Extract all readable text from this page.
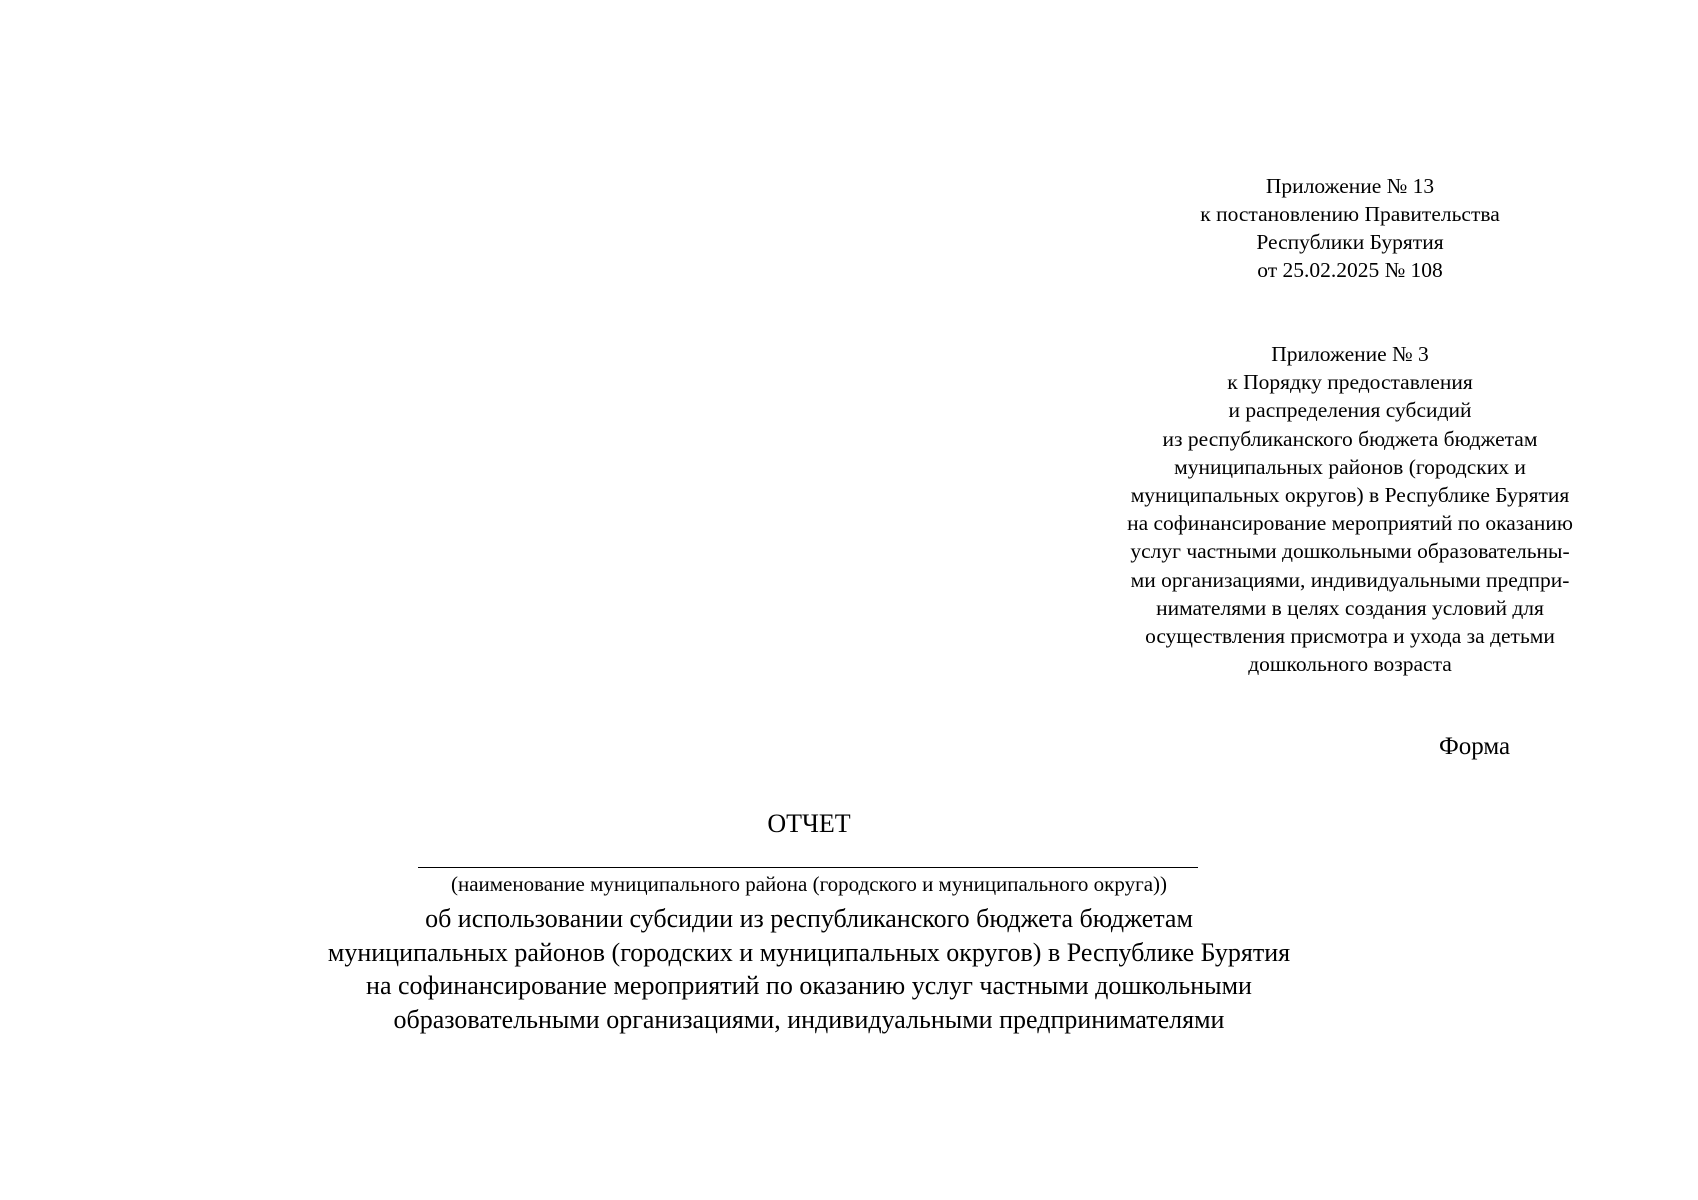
Приложение № 13
к постановлению Правительства
Республики Бурятия
от 25.02.2025 № 108
Приложение № 3
к Порядку предоставления
и распределения субсидий
из республиканского бюджета бюджетам
муниципальных районов (городских и
муниципальных округов) в Республике Бурятия
на софинансирование мероприятий по оказанию
услуг частными дошкольными образовательны-
ми организациями, индивидуальными предпри-
нимателями в целях создания условий для
осуществления присмотра и ухода за детьми
дошкольного возраста
Форма
ОТЧЕТ
(наименование муниципального района (городского и муниципального округа))
об использовании субсидии из республиканского бюджета бюджетам
муниципальных районов (городских и муниципальных округов) в Республике Бурятия
на софинансирование мероприятий по оказанию услуг частными дошкольными
образовательными организациями, индивидуальными предпринимателями
